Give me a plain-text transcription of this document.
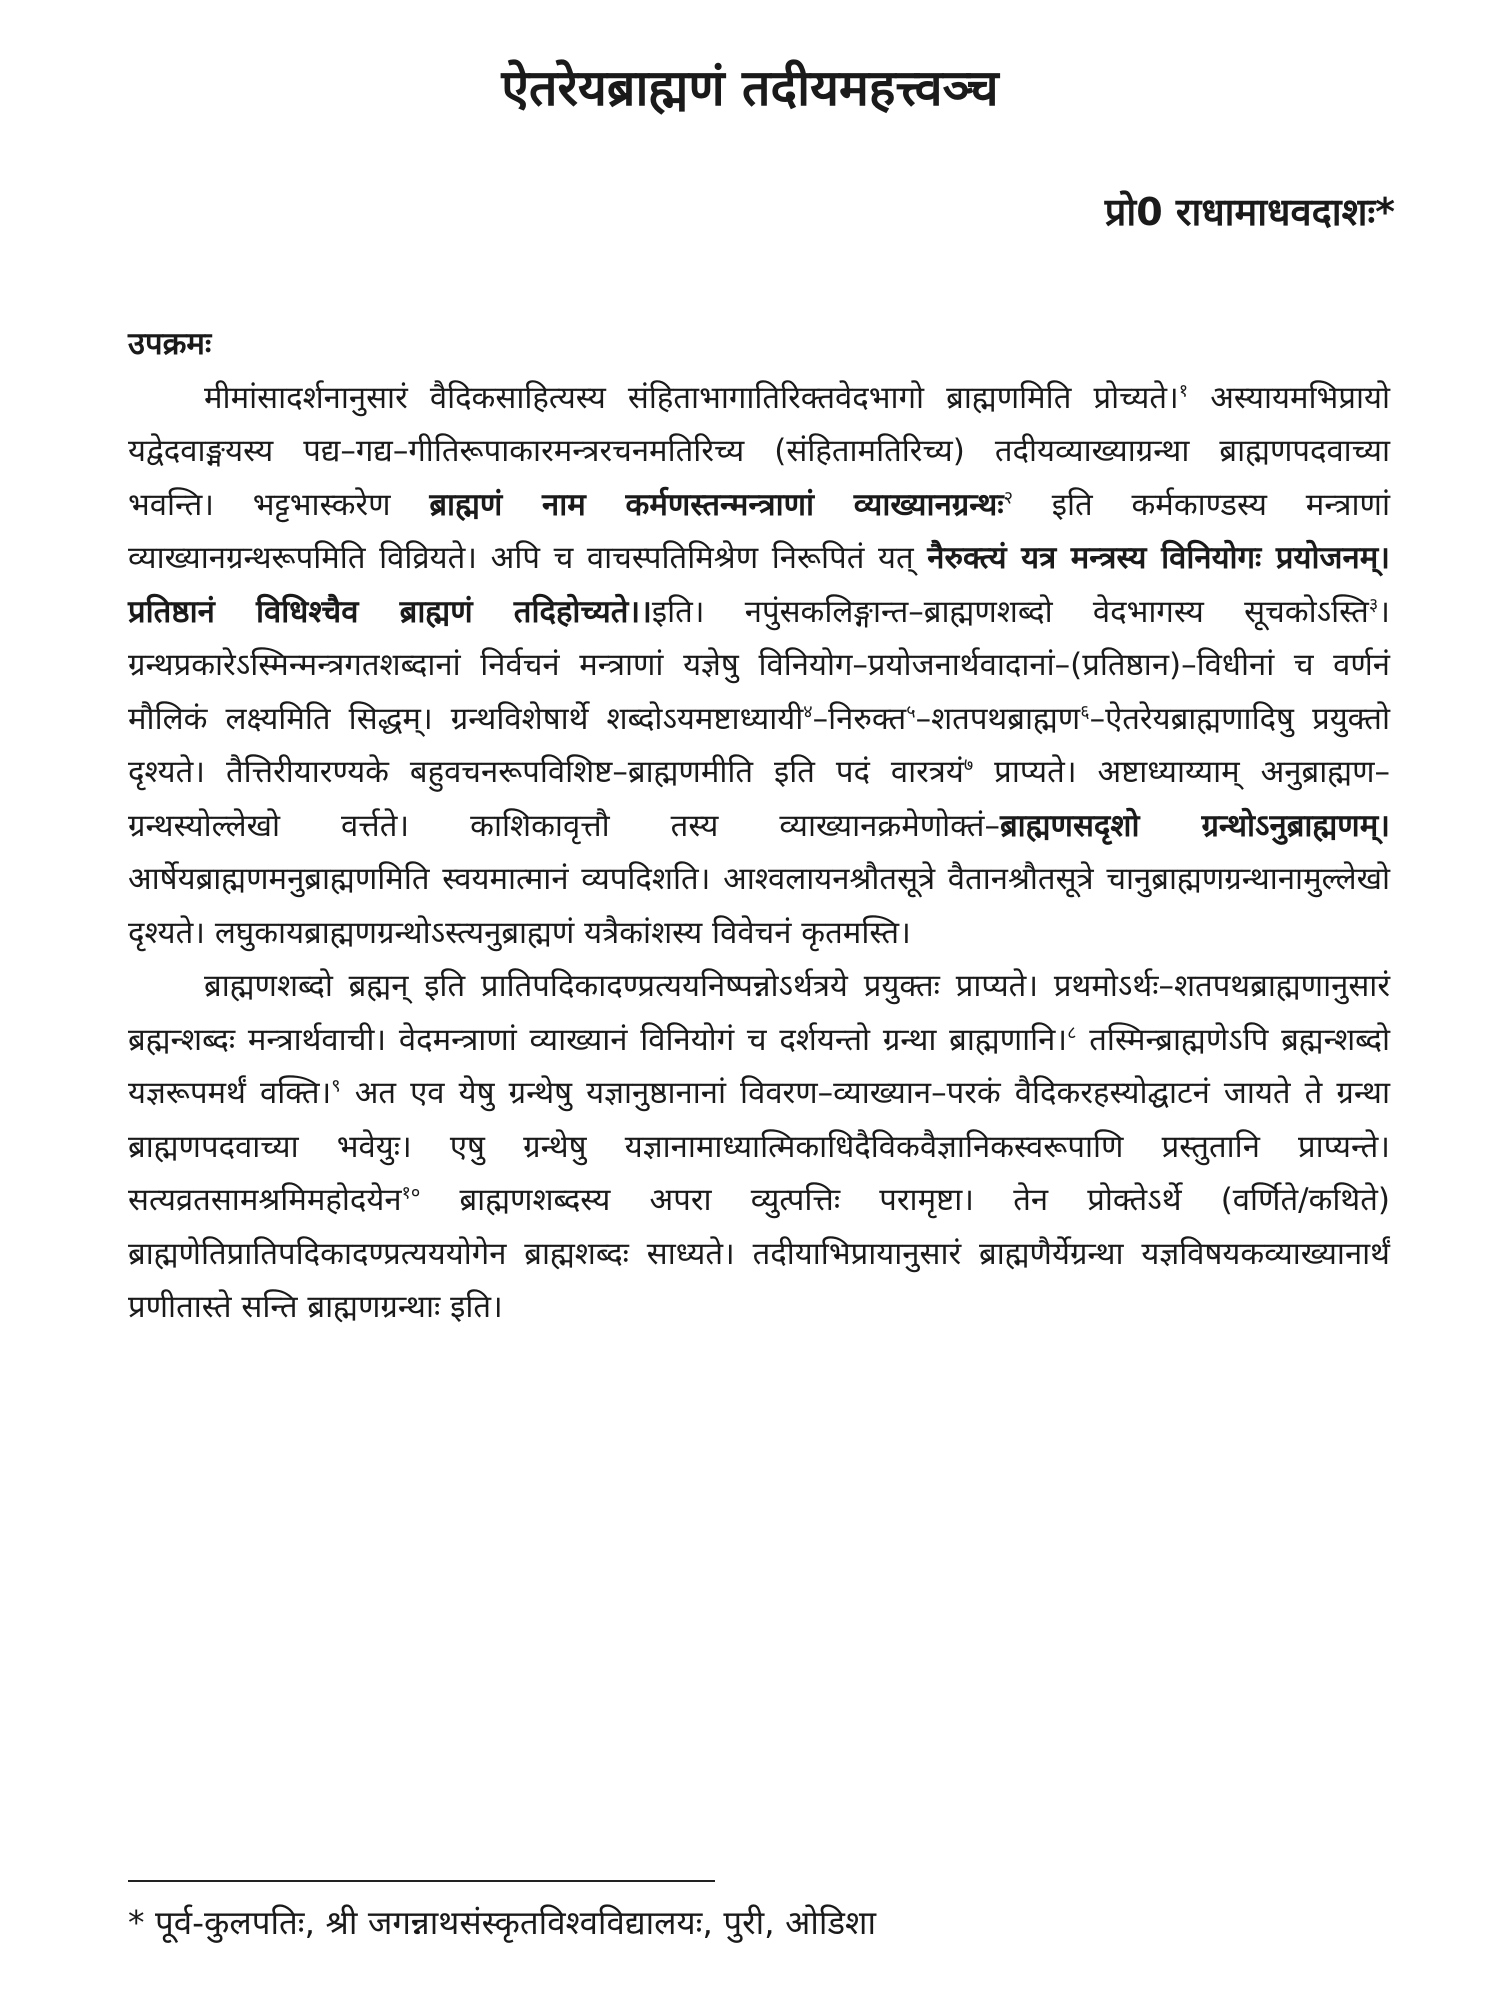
ऐतरेयब्राह्मणं तदीयमहत्त्वञ्च
प्रो0 राधामाधवदाशः*
उपक्रमः

मीमांसादर्शनानुसारं वैदिकसाहित्यस्य संहिताभागातिरिक्तवेदभागो ब्राह्मणमिति प्रोच्यते।$^१$ अस्यायमभिप्रायो यद्वेदवाङ्मयस्य पद्य–गद्य–गीतिरूपाकारमन्त्ररचनमतिरिच्य (संहितामतिरिच्य) तदीयव्याख्याग्रन्था ब्राह्मणपदवाच्या भवन्ति। भट्टभास्करेण ब्राह्मणं नाम कर्मणस्तन्मन्त्राणां व्याख्यानग्रन्थः$^२$ इति कर्मकाण्डस्य मन्त्राणां व्याख्यानग्रन्थरूपमिति विव्रियते। अपि च वाचस्पतिमिश्रेण निरूपितं यत् नैरुक्त्यं यत्र मन्त्रस्य विनियोगः प्रयोजनम्। प्रतिष्ठानं विधिश्चैव ब्राह्मणं तदिहोच्यते।।इति। नपुंसकलिङ्गान्त–ब्राह्मणशब्दो वेदभागस्य सूचकोऽस्ति$^३$। ग्रन्थप्रकारेऽस्मिन्मन्त्रगतशब्दानां निर्वचनं मन्त्राणां यज्ञेषु विनियोग–प्रयोजनार्थवादानां–(प्रतिष्ठान)–विधीनां च वर्णनं मौलिकं लक्ष्यमिति सिद्धम्। ग्रन्थविशेषार्थे शब्दोऽयमष्टाध्यायी$^४$–निरुक्त$^५$–शतपथब्राह्मण$^६$–ऐतरेयब्राह्मणादिषु प्रयुक्तो दृश्यते। तैत्तिरीयारण्यके बहुवचनरूपविशिष्ट–ब्राह्मणमीति इति पदं वारत्रयं$^७$ प्राप्यते। अष्टाध्याय्याम् अनुब्राह्मण–ग्रन्थस्योल्लेखो वर्त्तते। काशिकावृत्तौ तस्य व्याख्यानक्रमेणोक्तं–ब्राह्मणसदृशो ग्रन्थोऽनुब्राह्मणम्। आर्षेयब्राह्मणमनुब्राह्मणमिति स्वयमात्मानं व्यपदिशति। आश्वलायनश्रौतसूत्रे वैतानश्रौतसूत्रे चानुब्राह्मणग्रन्थानामुल्लेखो दृश्यते। लघुकायब्राह्मणग्रन्थोऽस्त्यनुब्राह्मणं यत्रैकांशस्य विवेचनं कृतमस्ति।

ब्राह्मणशब्दो ब्रह्मन् इति प्रातिपदिकादण्प्रत्ययनिष्पन्नोऽर्थत्रये प्रयुक्तः प्राप्यते। प्रथमोऽर्थः–शतपथब्राह्मणानुसारं ब्रह्मन्शब्दः मन्त्रार्थवाची। वेदमन्त्राणां व्याख्यानं विनियोगं च दर्शयन्तो ग्रन्था ब्राह्मणानि।$^८$ तस्मिन्ब्राह्मणेऽपि ब्रह्मन्शब्दो यज्ञरूपमर्थं वक्ति।$^९$ अत एव येषु ग्रन्थेषु यज्ञानुष्ठानानां विवरण–व्याख्यान–परकं वैदिकरहस्योद्घाटनं जायते ते ग्रन्था ब्राह्मणपदवाच्या भवेयुः। एषु ग्रन्थेषु यज्ञानामाध्यात्मिकाधिदैविकवैज्ञानिकस्वरूपाणि प्रस्तुतानि प्राप्यन्ते। सत्यव्रतसामश्रमिमहोदयेन$^{१०}$ ब्राह्मणशब्दस्य अपरा व्युत्पत्तिः परामृष्टा। तेन प्रोक्तेऽर्थे (वर्णिते/कथिते) ब्राह्मणेतिप्रातिपदिकादण्प्रत्यययोगेन ब्राह्मशब्दः साध्यते। तदीयाभिप्रायानुसारं ब्राह्मणैर्येग्रन्था यज्ञविषयकव्याख्यानार्थं प्रणीतास्ते सन्ति ब्राह्मणग्रन्थाः इति।

* पूर्व-कुलपतिः, श्री जगन्नाथसंस्कृतविश्वविद्यालयः, पुरी, ओडिशा
